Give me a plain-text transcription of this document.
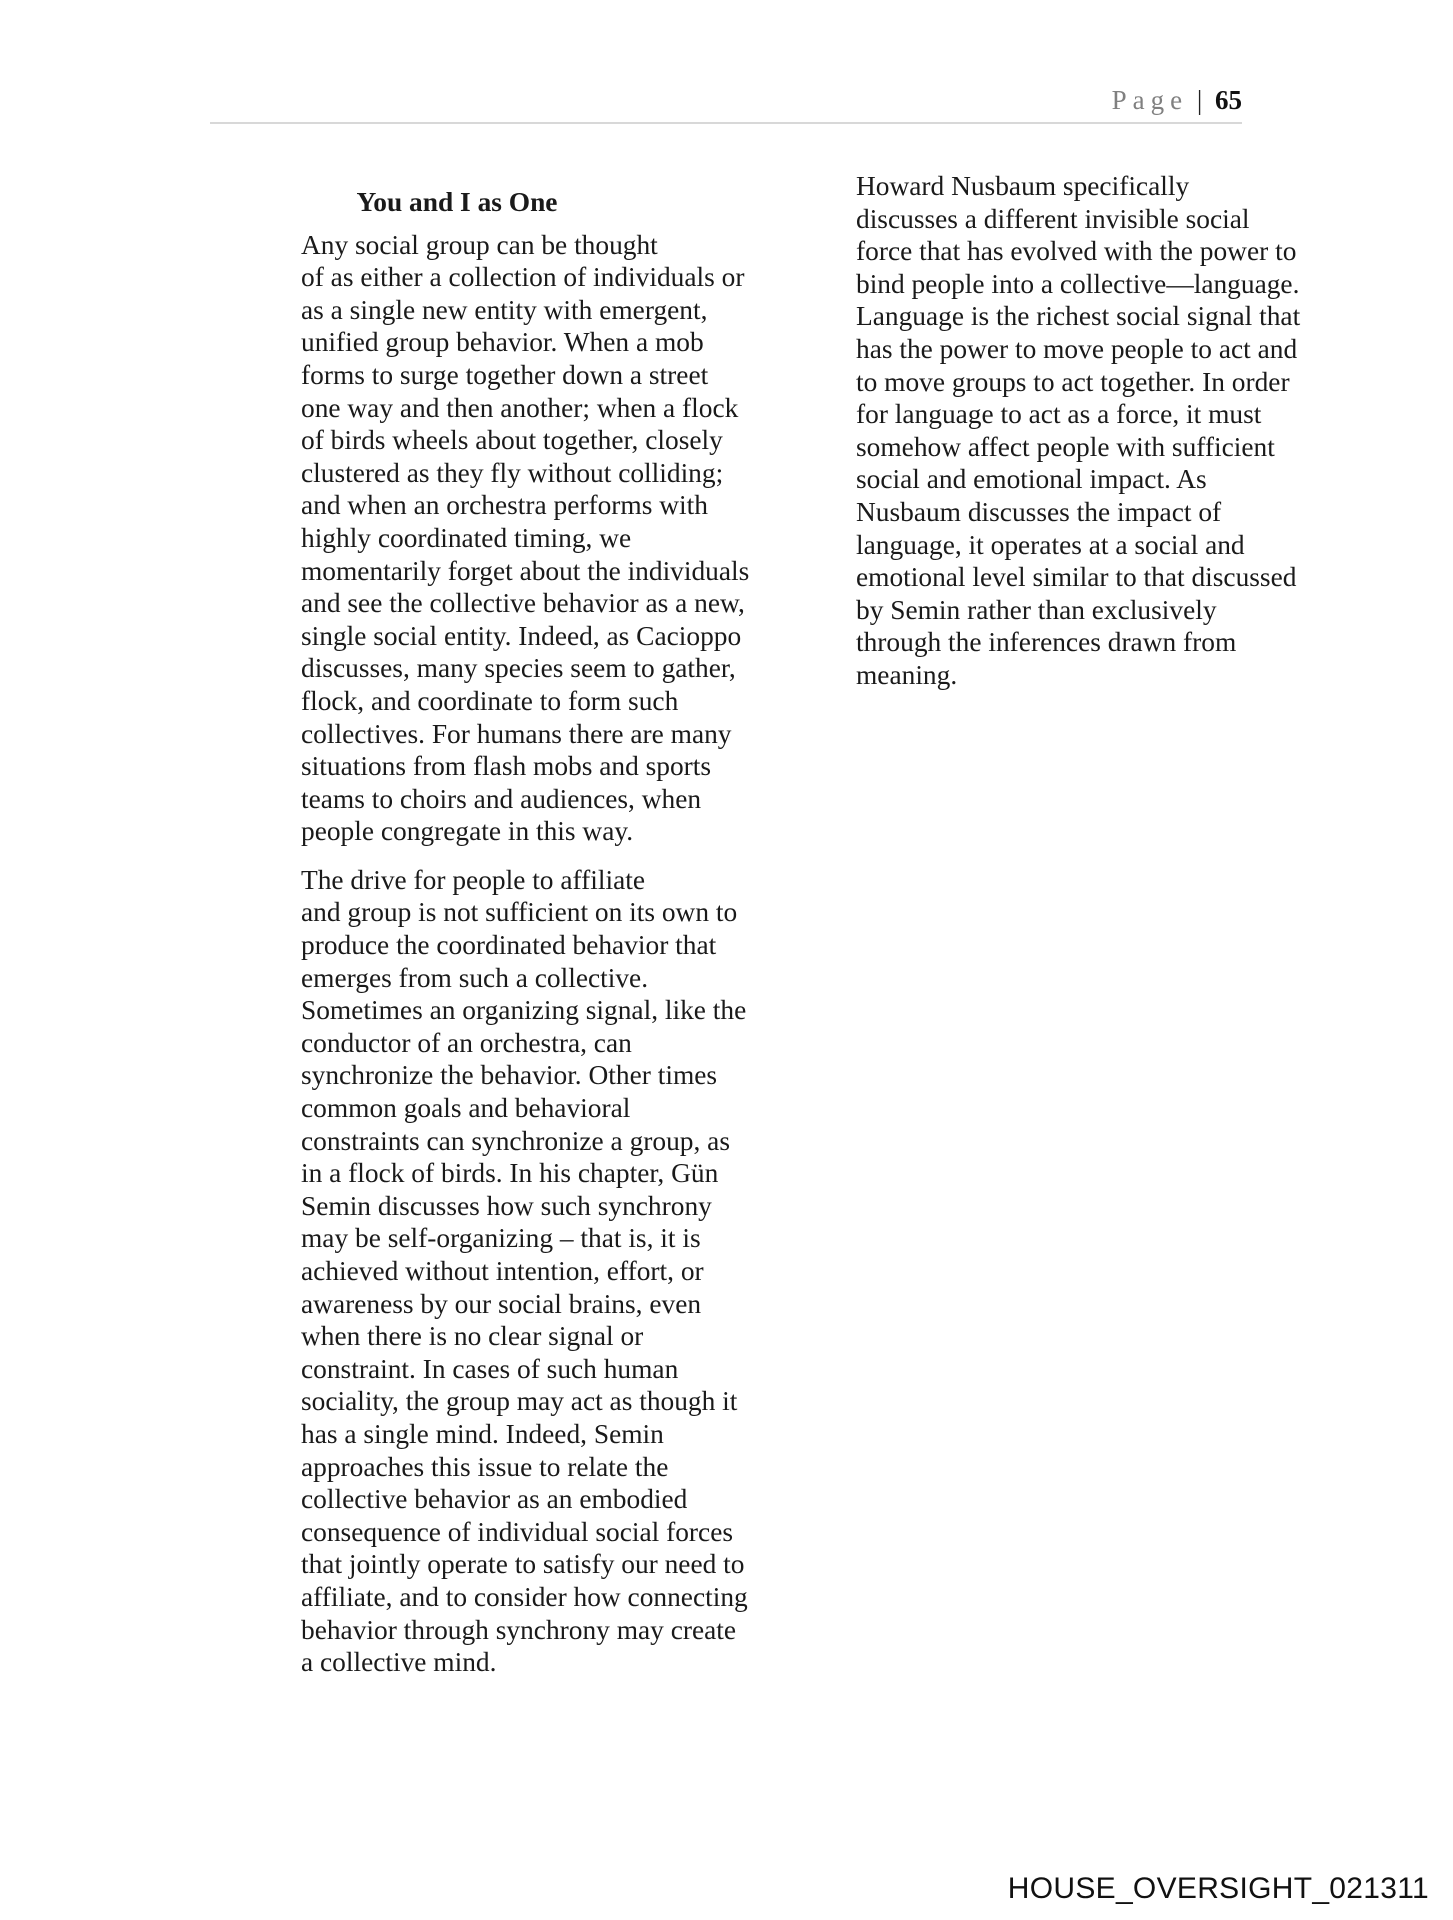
Page | 65
You and I as One
Any social group can be thought
of as either a collection of individuals or
as a single new entity with emergent,
unified group behavior. When a mob
forms to surge together down a street
one way and then another; when a flock
of birds wheels about together, closely
clustered as they fly without colliding;
and when an orchestra performs with
highly coordinated timing, we
momentarily forget about the individuals
and see the collective behavior as a new,
single social entity. Indeed, as Cacioppo
discusses, many species seem to gather,
flock, and coordinate to form such
collectives. For humans there are many
situations from flash mobs and sports
teams to choirs and audiences, when
people congregate in this way.
The drive for people to affiliate
and group is not sufficient on its own to
produce the coordinated behavior that
emerges from such a collective.
Sometimes an organizing signal, like the
conductor of an orchestra, can
synchronize the behavior. Other times
common goals and behavioral
constraints can synchronize a group, as
in a flock of birds. In his chapter, Gün
Semin discusses how such synchrony
may be self-organizing – that is, it is
achieved without intention, effort, or
awareness by our social brains, even
when there is no clear signal or
constraint. In cases of such human
sociality, the group may act as though it
has a single mind. Indeed, Semin
approaches this issue to relate the
collective behavior as an embodied
consequence of individual social forces
that jointly operate to satisfy our need to
affiliate, and to consider how connecting
behavior through synchrony may create
a collective mind.
Howard Nusbaum specifically
discusses a different invisible social
force that has evolved with the power to
bind people into a collective—language.
Language is the richest social signal that
has the power to move people to act and
to move groups to act together. In order
for language to act as a force, it must
somehow affect people with sufficient
social and emotional impact. As
Nusbaum discusses the impact of
language, it operates at a social and
emotional level similar to that discussed
by Semin rather than exclusively
through the inferences drawn from
meaning.
HOUSE_OVERSIGHT_021311
